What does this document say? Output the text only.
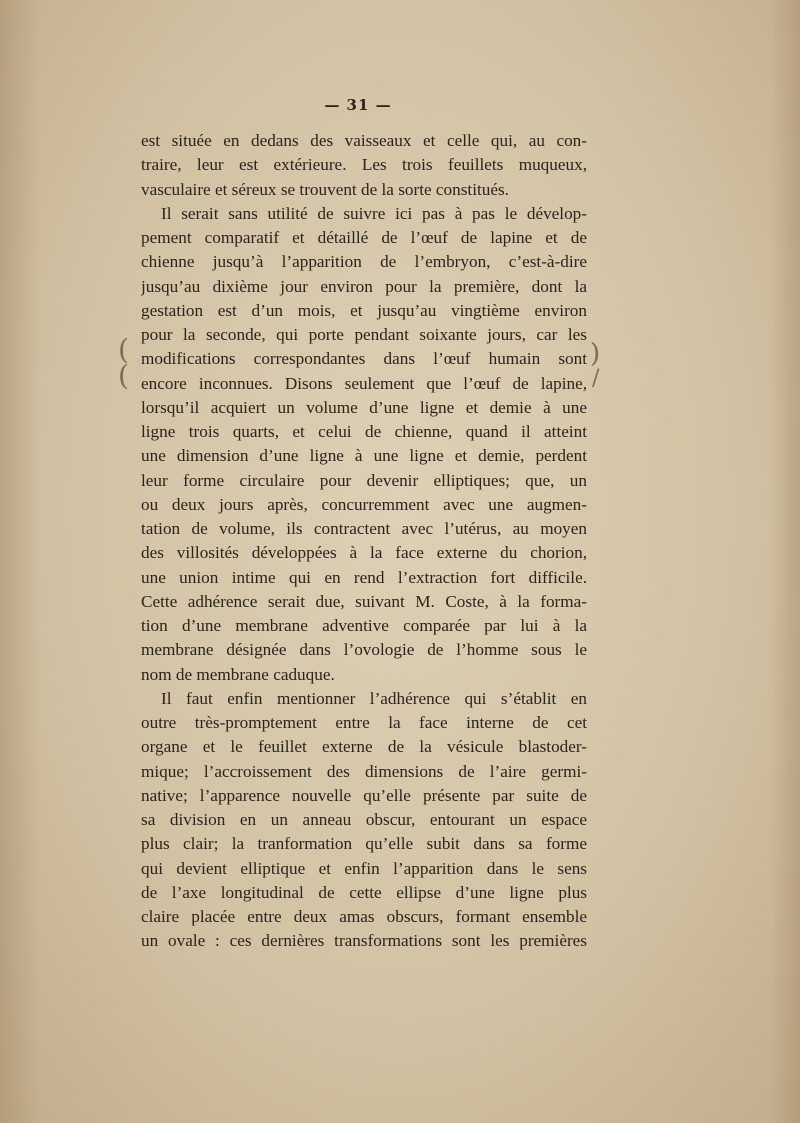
— 31 —
(
(
)
/
est située en dedans des vaisseaux et celle qui, au con-
traire, leur est extérieure. Les trois feuillets muqueux,
vasculaire et séreux se trouvent de la sorte constitués.
Il serait sans utilité de suivre ici pas à pas le dévelop-
pement comparatif et détaillé de l’œuf de lapine et de
chienne jusqu’à l’apparition de l’embryon, c’est-à-dire
jusqu’au dixième jour environ pour la première, dont la
gestation est d’un mois, et jusqu’au vingtième environ
pour la seconde, qui porte pendant soixante jours, car les
modifications correspondantes dans l’œuf humain sont
encore inconnues. Disons seulement que l’œuf de lapine,
lorsqu’il acquiert un volume d’une ligne et demie à une
ligne trois quarts, et celui de chienne, quand il atteint
une dimension d’une ligne à une ligne et demie, perdent
leur forme circulaire pour devenir elliptiques; que, un
ou deux jours après, concurremment avec une augmen-
tation de volume, ils contractent avec l’utérus, au moyen
des villosités développées à la face externe du chorion,
une union intime qui en rend l’extraction fort difficile.
Cette adhérence serait due, suivant M. Coste, à la forma-
tion d’une membrane adventive comparée par lui à la
membrane désignée dans l’ovologie de l’homme sous le
nom de membrane caduque.
Il faut enfin mentionner l’adhérence qui s’établit en
outre très-promptement entre la face interne de cet
organe et le feuillet externe de la vésicule blastoder-
mique; l’accroissement des dimensions de l’aire germi-
native; l’apparence nouvelle qu’elle présente par suite de
sa division en un anneau obscur, entourant un espace
plus clair; la tranformation qu’elle subit dans sa forme
qui devient elliptique et enfin l’apparition dans le sens
de l’axe longitudinal de cette ellipse d’une ligne plus
claire placée entre deux amas obscurs, formant ensemble
un ovale : ces dernières transformations sont les premières
